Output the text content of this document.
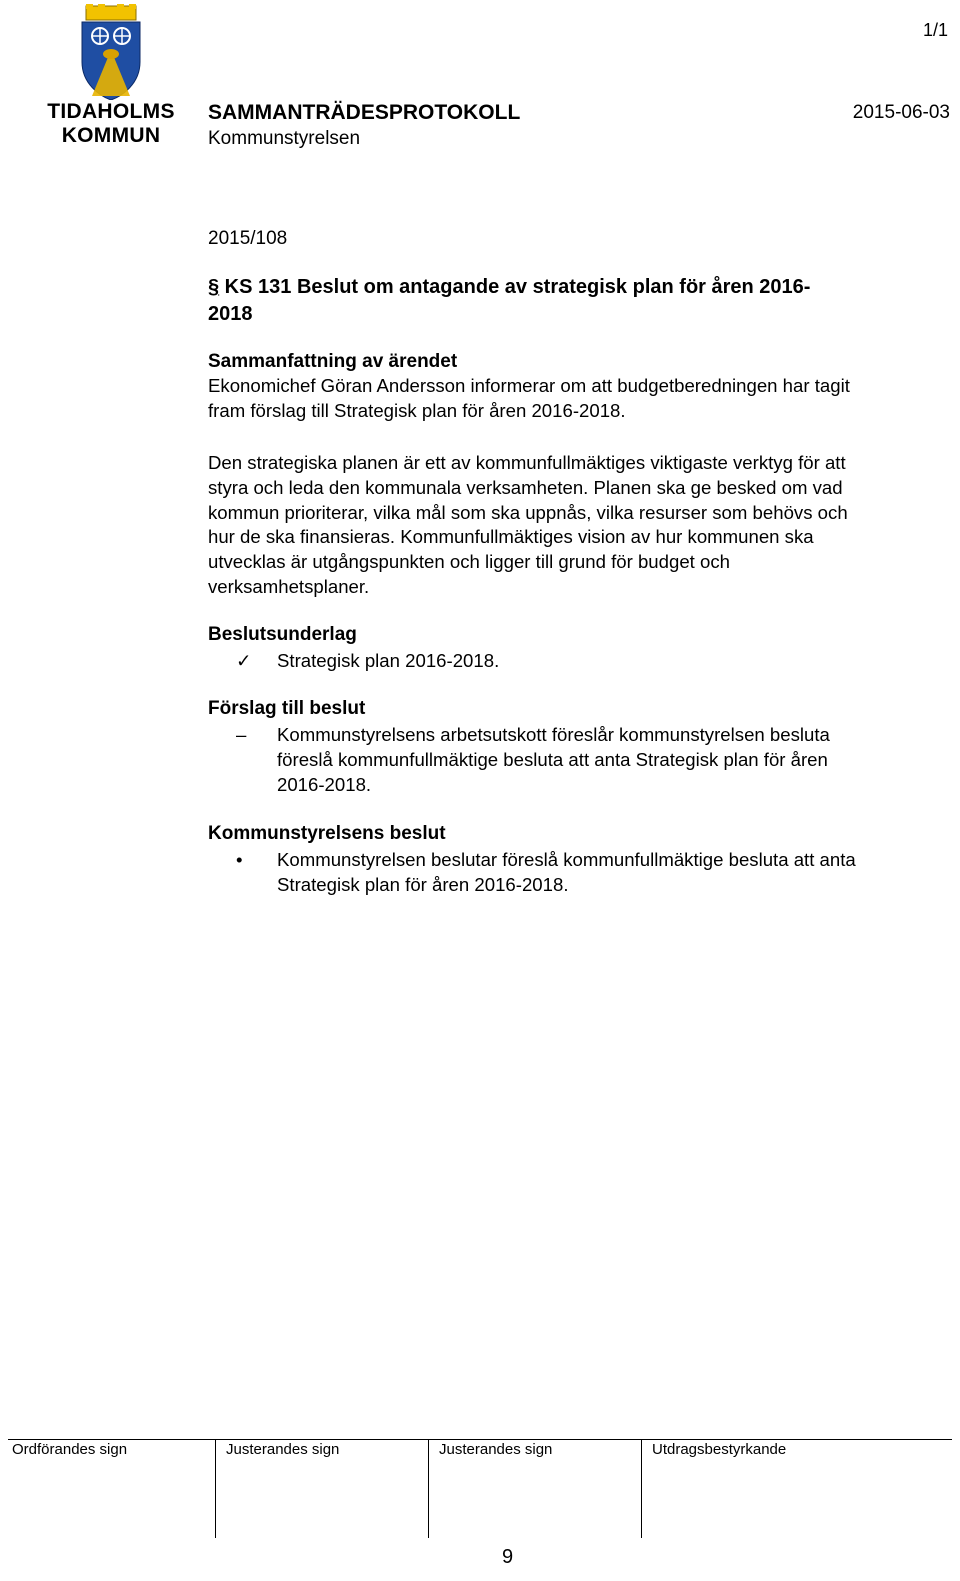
1/1
TIDAHOLMS
KOMMUN
SAMMANTRÄDESPROTOKOLL	2015-06-03
Kommunstyrelsen
2015/108
§ KS 131 Beslut om antagande av strategisk plan för åren 2016-
2018
Sammanfattning av ärendet
Ekonomichef Göran Andersson informerar om att budgetberedningen har tagit
fram förslag till Strategisk plan för åren 2016-2018.
Den strategiska planen är ett av kommunfullmäktiges viktigaste verktyg för att
styra och leda den kommunala verksamheten. Planen ska ge besked om vad
kommun prioriterar, vilka mål som ska uppnås, vilka resurser som behövs och
hur de ska finansieras. Kommunfullmäktiges vision av hur kommunen ska
utvecklas är utgångspunkten och ligger till grund för budget och
verksamhetsplaner.
Beslutsunderlag
✓ Strategisk plan 2016-2018.
Förslag till beslut
– Kommunstyrelsens arbetsutskott föreslår kommunstyrelsen besluta
föreslå kommunfullmäktige besluta att anta Strategisk plan för åren
2016-2018.
Kommunstyrelsens beslut
• Kommunstyrelsen beslutar föreslå kommunfullmäktige besluta att anta
Strategisk plan för åren 2016-2018.
Ordförandes sign	Justerandes sign	Justerandes sign	Utdragsbestyrkande
9
